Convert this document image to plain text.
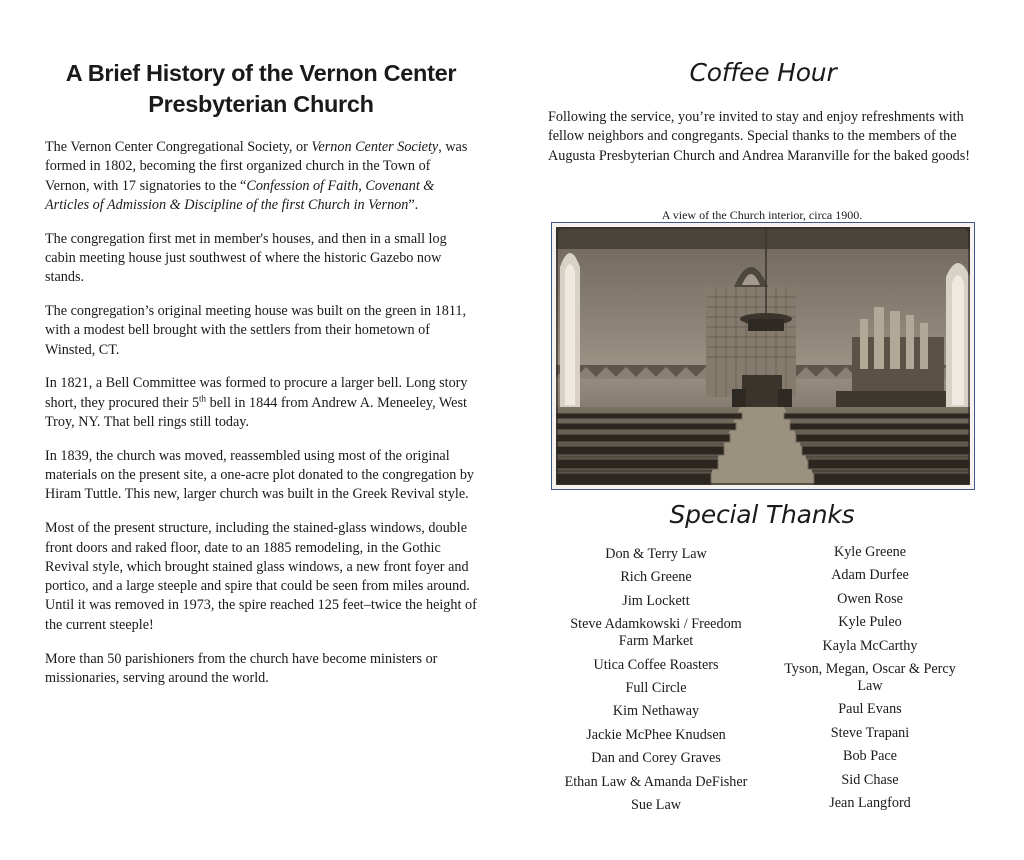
A Brief History of the Vernon Center
Presbyterian Church

The Vernon Center Congregational Society, or Vernon Center Society, was formed in 1802, becoming the first organized church in the Town of Vernon, with 17 signatories to the “Confession of Faith, Covenant & Articles of Admission & Discipline of the first Church in Vernon”.

The congregation first met in member's houses, and then in a small log cabin meeting house just southwest of where the historic Gazebo now stands.

The congregation’s original meeting house was built on the green in 1811, with a modest bell brought with the settlers from their hometown of Winsted, CT.

In 1821, a Bell Committee was formed to procure a larger bell. Long story short, they procured their 5th bell in 1844 from Andrew A. Meneeley, West Troy, NY. That bell rings still today.

In 1839, the church was moved, reassembled using most of the original materials on the present site, a one-acre plot donated to the congregation by Hiram Tuttle. This new, larger church was built in the Greek Revival style.

Most of the present structure, including the stained-glass windows, double front doors and raked floor, date to an 1885 remodeling, in the Gothic Revival style, which brought stained glass windows, a new front foyer and portico, and a large steeple and spire that could be seen from miles around. Until it was removed in 1973, the spire reached 125 feet–twice the height of the current steeple!

More than 50 parishioners from the church have become ministers or missionaries, serving around the world.

Coffee Hour

Following the service, you’re invited to stay and enjoy refreshments with fellow neighbors and congregants. Special thanks to the members of the Augusta Presbyterian Church and Andrea Maranville for the baked goods!

A view of the Church interior, circa 1900.

Special Thanks
Don & Terry Law
Rich Greene
Jim Lockett
Steve Adamkowski / Freedom Farm Market
Utica Coffee Roasters
Full Circle
Kim Nethaway
Jackie McPhee Knudsen
Dan and Corey Graves
Ethan Law & Amanda DeFisher
Sue Law
Kyle Greene
Adam Durfee
Owen Rose
Kyle Puleo
Kayla McCarthy
Tyson, Megan, Oscar & Percy Law
Paul Evans
Steve Trapani
Bob Pace
Sid Chase
Jean Langford
